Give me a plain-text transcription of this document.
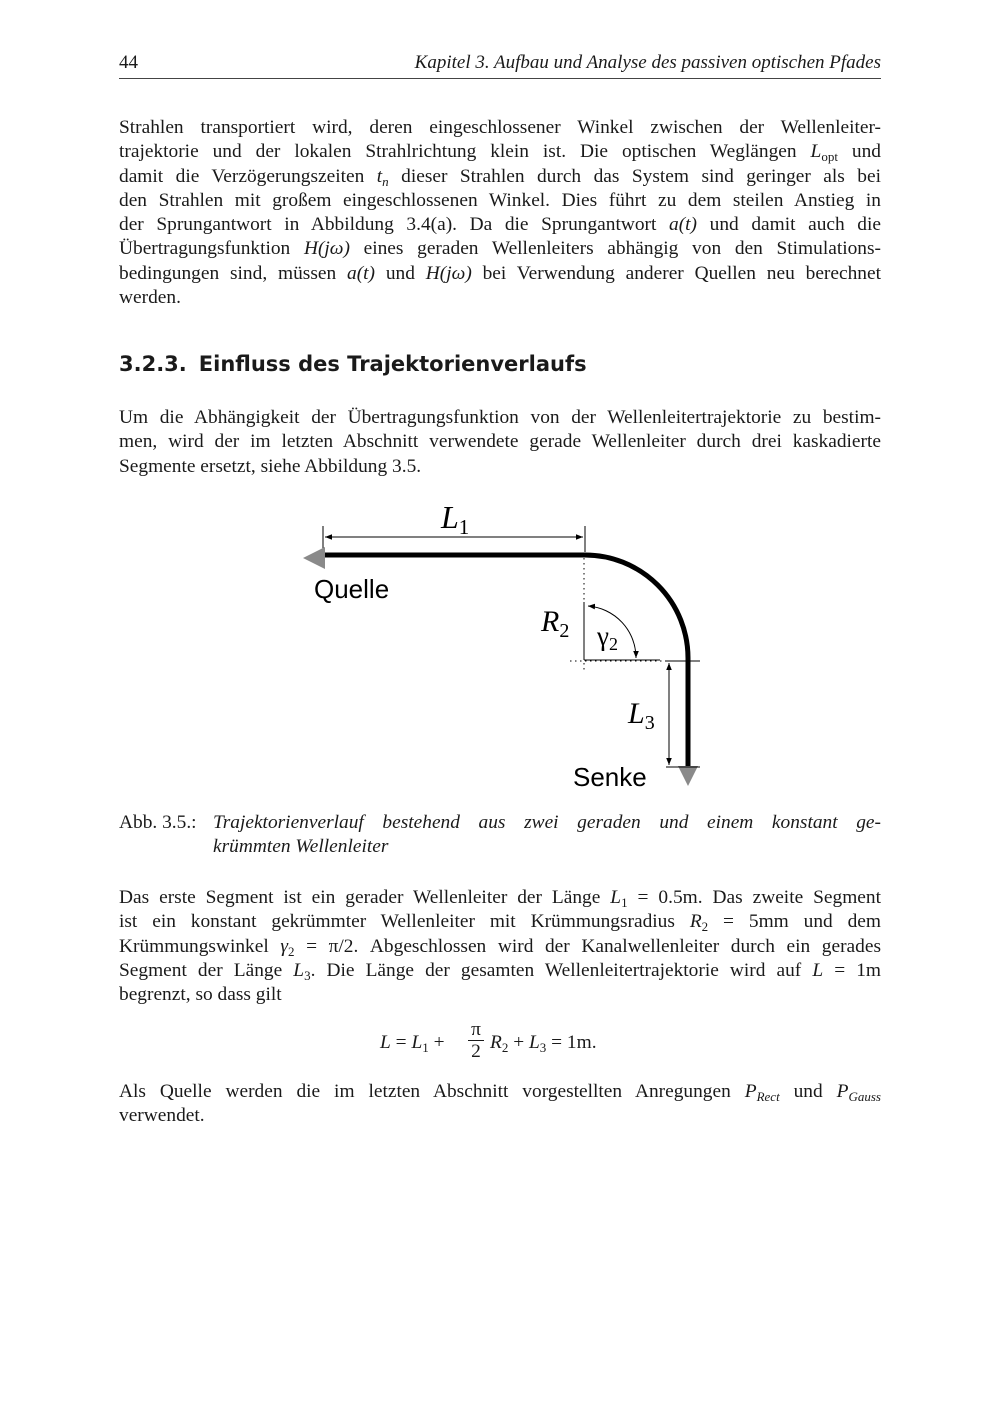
44	Kapitel 3. Aufbau und Analyse des passiven optischen Pfades
Strahlen transportiert wird, deren eingeschlossener Winkel zwischen der Wellenleiter-
trajektorie und der lokalen Strahlrichtung klein ist. Die optischen Weglängen $L_{opt}$ und
damit die Verzögerungszeiten $t_n$ dieser Strahlen durch das System sind geringer als bei
den Strahlen mit großem eingeschlossenen Winkel. Dies führt zu dem steilen Anstieg in
der Sprungantwort in Abbildung 3.4(a). Da die Sprungantwort a(t) und damit auch die
Übertragungsfunktion H(jω) eines geraden Wellenleiters abhängig von den Stimulations-
bedingungen sind, müssen a(t) und H(jω) bei Verwendung anderer Quellen neu berechnet
werden.
3.2.3. Einfluss des Trajektorienverlaufs
Um die Abhängigkeit der Übertragungsfunktion von der Wellenleitertrajektorie zu bestim-
men, wird der im letzten Abschnitt verwendete gerade Wellenleiter durch drei kaskadierte
Segmente ersetzt, siehe Abbildung 3.5.
L1
$R_2$ γ2
$L_3$
Quelle
Senke
Abb. 3.5.: Trajektorienverlauf bestehend aus zwei geraden und einem konstant ge-
krümmten Wellenleiter
Das erste Segment ist ein gerader Wellenleiter der Länge $L_1 = 0.5m$. Das zweite Segment
ist ein konstant gekrümmter Wellenleiter mit Krümmungsradius $R_2 = 5mm$ und dem
Krümmungswinkel $\gamma_2 = \pi/2$. Abgeschlossen wird der Kanalwellenleiter durch ein gerades
Segment der Länge $L_3$. Die Länge der gesamten Wellenleitertrajektorie wird auf L = 1m
begrenzt, so dass gilt
$L = L_1 + \frac{\pi}{2} R_2 + L_3 = 1m$.
Als Quelle werden die im letzten Abschnitt vorgestellten Anregungen $P_{Rect}$ und $P_{Gauss}$
verwendet.
